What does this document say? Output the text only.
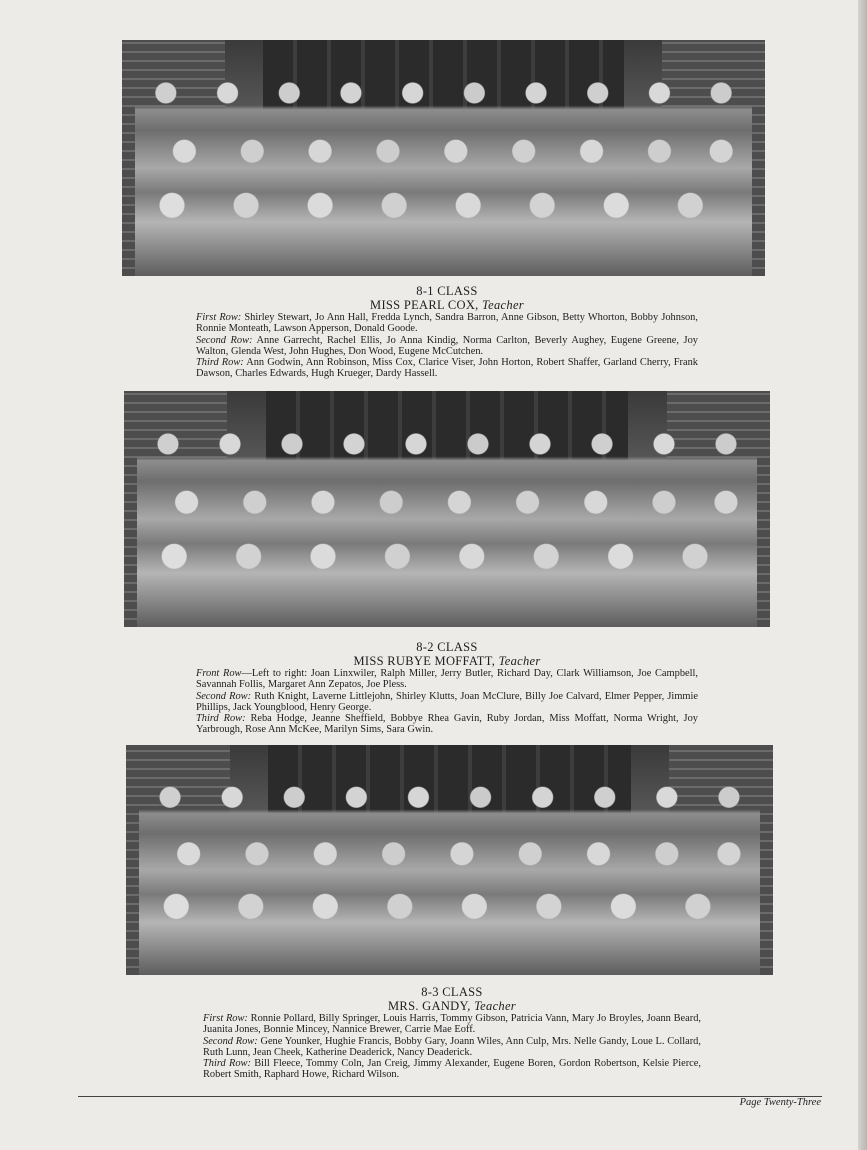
8-1 CLASS

MISS PEARL COX, Teacher

First Row: Shirley Stewart, Jo Ann Hall, Fredda Lynch, Sandra Barron, Anne Gibson, Betty Whorton, Bobby Johnson, Ronnie Monteath, Lawson Apperson, Donald Goode.

Second Row: Anne Garrecht, Rachel Ellis, Jo Anna Kindig, Norma Carlton, Beverly Aughey, Eugene Greene, Joy Walton, Glenda West, John Hughes, Don Wood, Eugene McCutchen.

Third Row: Ann Godwin, Ann Robinson, Miss Cox, Clarice Viser, John Horton, Robert Shaffer, Garland Cherry, Frank Dawson, Charles Edwards, Hugh Krueger, Dardy Hassell.

8-2 CLASS

MISS RUBYE MOFFATT, Teacher

Front Row—Left to right: Joan Linxwiler, Ralph Miller, Jerry Butler, Richard Day, Clark Williamson, Joe Campbell, Savannah Follis, Margaret Ann Zepatos, Joe Pless.

Second Row: Ruth Knight, Laverne Littlejohn, Shirley Klutts, Joan McClure, Billy Joe Calvard, Elmer Pepper, Jimmie Phillips, Jack Youngblood, Henry George.

Third Row: Reba Hodge, Jeanne Sheffield, Bobbye Rhea Gavin, Ruby Jordan, Miss Moffatt, Norma Wright, Joy Yarbrough, Rose Ann McKee, Marilyn Sims, Sara Gwin.

8-3 CLASS

MRS. GANDY, Teacher

First Row: Ronnie Pollard, Billy Springer, Louis Harris, Tommy Gibson, Patricia Vann, Mary Jo Broyles, Joann Beard, Juanita Jones, Bonnie Mincey, Nannice Brewer, Carrie Mae Eoff.

Second Row: Gene Younker, Hughie Francis, Bobby Gary, Joann Wiles, Ann Culp, Mrs. Nelle Gandy, Loue L. Collard, Ruth Lunn, Jean Cheek, Katherine Deaderick, Nancy Deaderick.

Third Row: Bill Fleece, Tommy Coln, Jan Creig, Jimmy Alexander, Eugene Boren, Gordon Robertson, Kelsie Pierce, Robert Smith, Raphard Howe, Richard Wilson.

Page Twenty-Three
